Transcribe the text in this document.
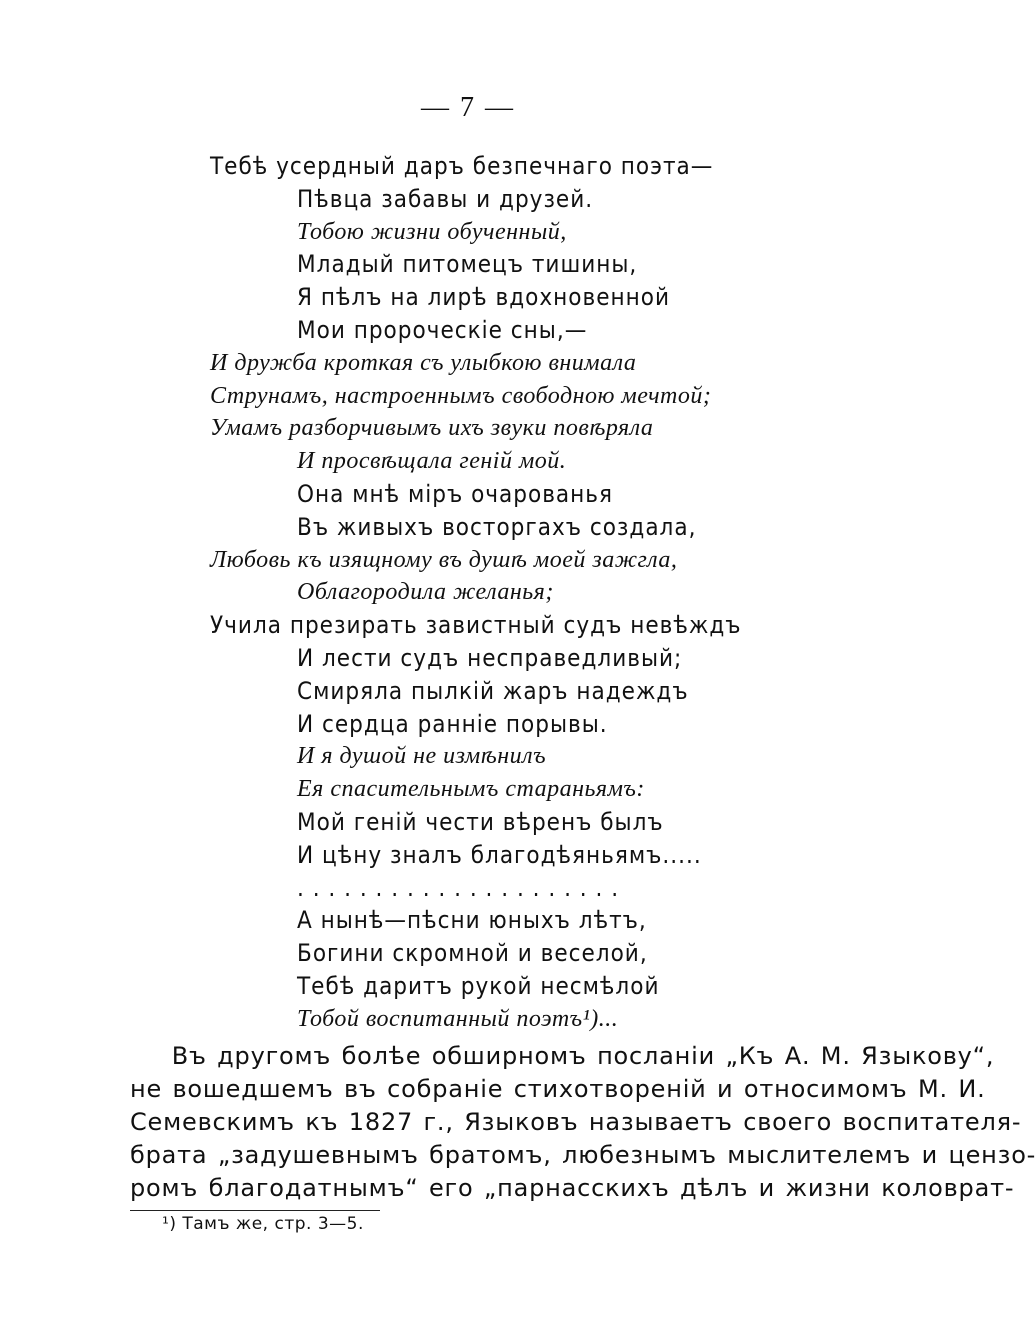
— 7 —
Тебѣ усердный даръ безпечнаго поэта—
Пѣвца забавы и друзей.
Тобою жизни обученный,
Младый питомецъ тишины,
Я пѣлъ на лирѣ вдохновенной
Мои пророческіе сны,—
И дружба кроткая съ улыбкою внимала
Струнамъ, настроеннымъ свободною мечтой;
Умамъ разборчивымъ ихъ звуки повѣряла
И просвѣщала геній мой.
Она мнѣ міръ очарованья
Въ живыхъ восторгахъ создала,
Любовь къ изящному въ душѣ моей зажгла,
Облагородила желанья;
Учила презирать завистный судъ невѣждъ
И лести судъ несправедливый;
Смиряла пылкій жаръ надеждъ
И сердца ранніе порывы.
И я душой не измѣнилъ
Ея спасительнымъ стараньямъ:
Мой геній чести вѣренъ былъ
И цѣну зналъ благодѣяньямъ.....
. . . . . . . . . . . . . . . . . . . . .
А нынѣ—пѣсни юныхъ лѣтъ,
Богини скромной и веселой,
Тебѣ даритъ рукой несмѣлой
Тобой воспитанный поэтъ¹)...
Въ другомъ болѣе обширномъ посланіи „Къ А. М. Языкову“,
не вошедшемъ въ собраніе стихотвореній и относимомъ М. И.
Семевскимъ къ 1827 г., Языковъ называетъ своего воспитателя-
брата „задушевнымъ братомъ, любезнымъ мыслителемъ и цензо-
ромъ благодатнымъ“ его „парнасскихъ дѣлъ и жизни коловрат-
¹) Тамъ же, стр. 3—5.
